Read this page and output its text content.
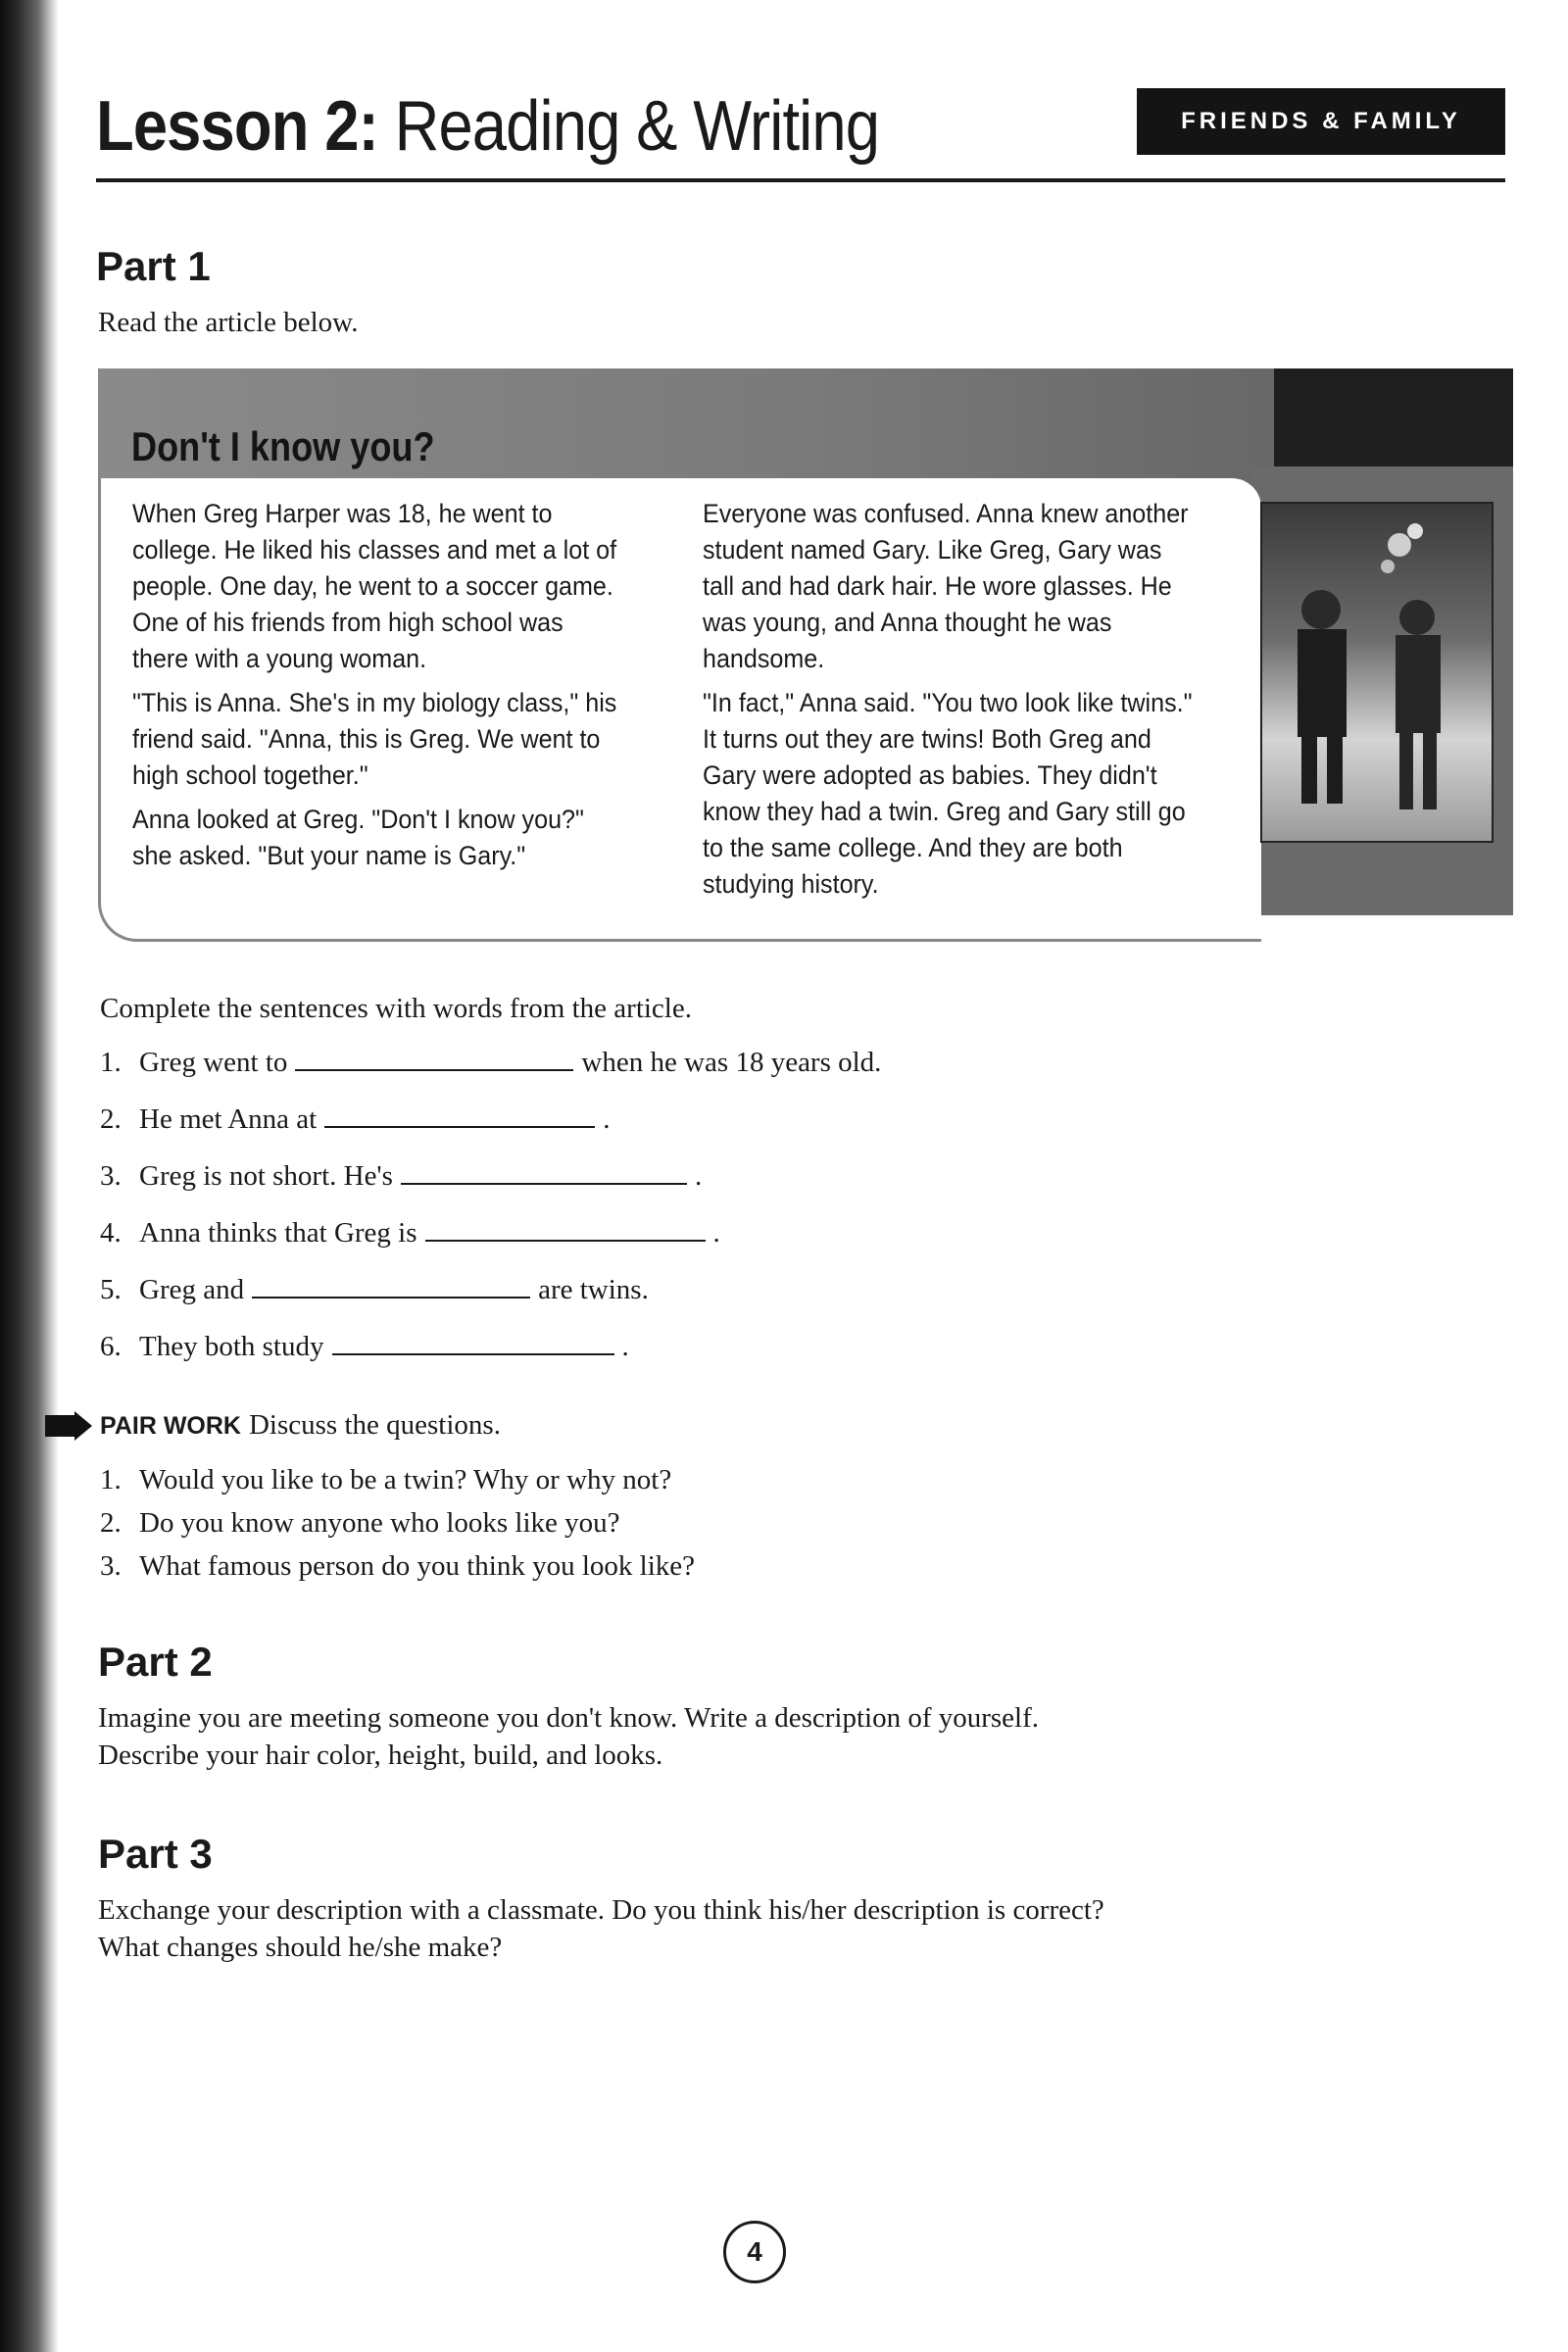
Lesson 2: Reading & Writing	FRIENDS & FAMILY
Part 1

Read the article below.

Don't I know you?

When Greg Harper was 18, he went to college. He liked his classes and met a lot of people. One day, he went to a soccer game. One of his friends from high school was there with a young woman.

"This is Anna. She's in my biology class," his friend said. "Anna, this is Greg. We went to high school together."

Anna looked at Greg. "Don't I know you?" she asked. "But your name is Gary."

Everyone was confused. Anna knew another student named Gary. Like Greg, Gary was tall and had dark hair. He wore glasses. He was young, and Anna thought he was handsome.

"In fact," Anna said. "You two look like twins." It turns out they are twins! Both Greg and Gary were adopted as babies. They didn't know they had a twin. Greg and Gary still go to the same college. And they are both studying history.

Complete the sentences with words from the article.

1. Greg went to	when he was 18 years old.
2. He met Anna at	.
3. Greg is not short. He's	.
4. Anna thinks that Greg is	.
5. Greg and	are twins.
6. They both study	.
PAIR WORK Discuss the questions.
1. Would you like to be a twin? Why or why not?
2. Do you know anyone who looks like you?
3. What famous person do you think you look like?
Part 2

Imagine you are meeting someone you don't know. Write a description of yourself.

Describe your hair color, height, build, and looks.

Part 3

Exchange your description with a classmate. Do you think his/her description is correct?

What changes should he/she make?

4
